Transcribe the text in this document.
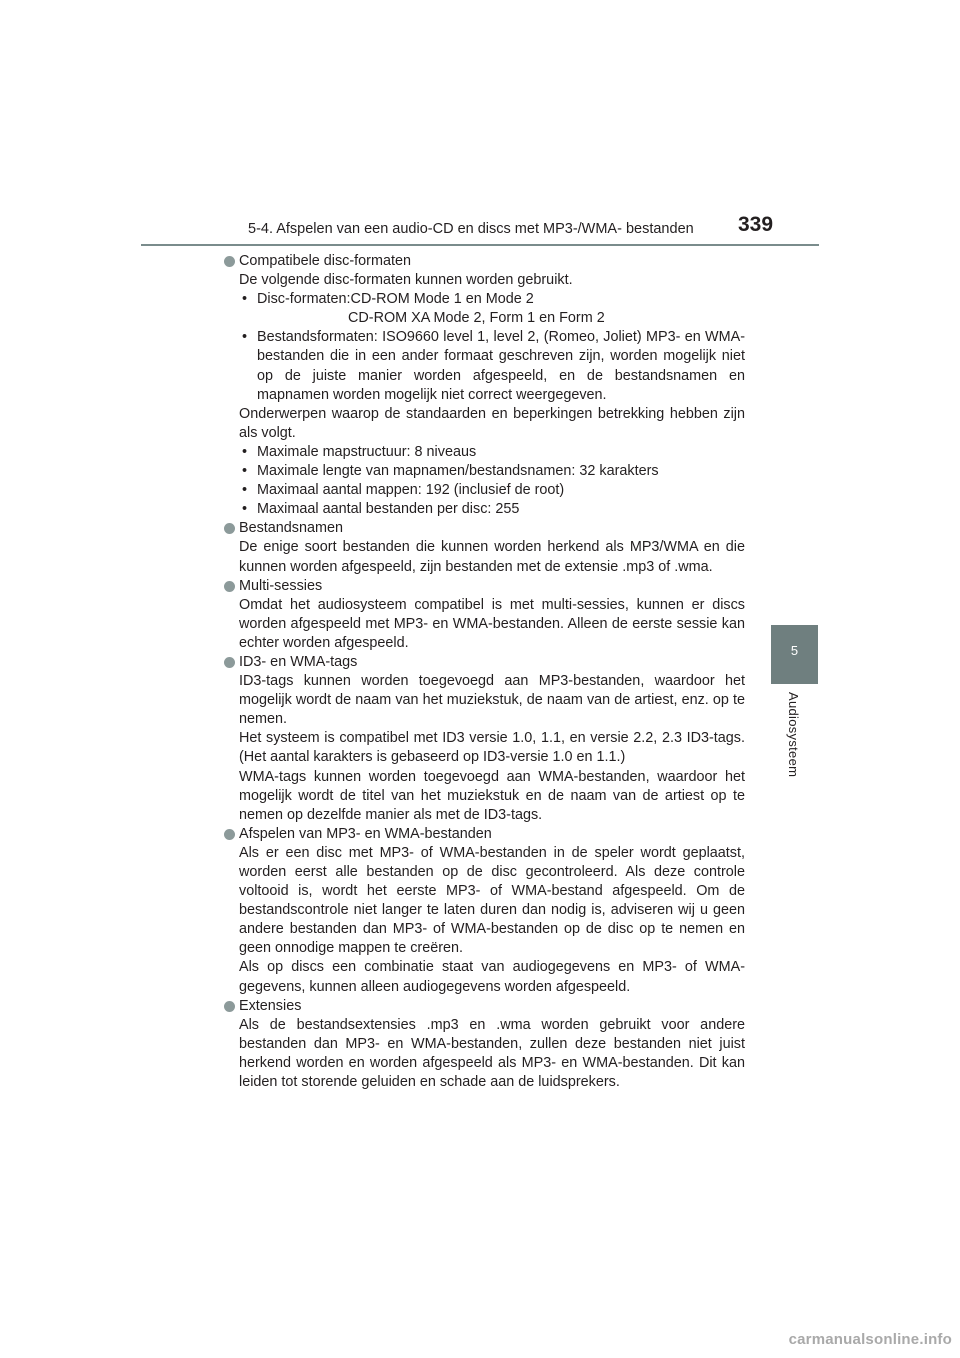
5-4. Afspelen van een audio-CD en discs met MP3-/WMA- bestanden 339
5
Audiosysteem
Compatibele disc-formaten
De volgende disc-formaten kunnen worden gebruikt.
• Disc-formaten:CD-ROM Mode 1 en Mode 2
CD-ROM XA Mode 2, Form 1 en Form 2
• Bestandsformaten: ISO9660 level 1, level 2, (Romeo, Joliet) MP3- en WMA-bestanden die in een ander formaat geschreven zijn, worden mogelijk niet op de juiste manier worden afgespeeld, en de bestandsnamen en mapnamen worden mogelijk niet correct weergegeven.
Onderwerpen waarop de standaarden en beperkingen betrekking hebben zijn als volgt.
• Maximale mapstructuur: 8 niveaus
• Maximale lengte van mapnamen/bestandsnamen: 32 karakters
• Maximaal aantal mappen: 192 (inclusief de root)
• Maximaal aantal bestanden per disc: 255
Bestandsnamen
De enige soort bestanden die kunnen worden herkend als MP3/WMA en die kunnen worden afgespeeld, zijn bestanden met de extensie .mp3 of .wma.
Multi-sessies
Omdat het audiosysteem compatibel is met multi-sessies, kunnen er discs worden afgespeeld met MP3- en WMA-bestanden. Alleen de eerste sessie kan echter worden afgespeeld.
ID3- en WMA-tags
ID3-tags kunnen worden toegevoegd aan MP3-bestanden, waardoor het mogelijk wordt de naam van het muziekstuk, de naam van de artiest, enz. op te nemen.
Het systeem is compatibel met ID3 versie 1.0, 1.1, en versie 2.2, 2.3 ID3-tags. (Het aantal karakters is gebaseerd op ID3-versie 1.0 en 1.1.)
WMA-tags kunnen worden toegevoegd aan WMA-bestanden, waardoor het mogelijk wordt de titel van het muziekstuk en de naam van de artiest op te nemen op dezelfde manier als met de ID3-tags.
Afspelen van MP3- en WMA-bestanden
Als er een disc met MP3- of WMA-bestanden in de speler wordt geplaatst, worden eerst alle bestanden op de disc gecontroleerd. Als deze controle voltooid is, wordt het eerste MP3- of WMA-bestand afgespeeld. Om de bestandscontrole niet langer te laten duren dan nodig is, adviseren wij u geen andere bestanden dan MP3- of WMA-bestanden op de disc op te nemen en geen onnodige mappen te creëren.
Als op discs een combinatie staat van audiogegevens en MP3- of WMA-gegevens, kunnen alleen audiogegevens worden afgespeeld.
Extensies
Als de bestandsextensies .mp3 en .wma worden gebruikt voor andere bestanden dan MP3- en WMA-bestanden, zullen deze bestanden niet juist herkend worden en worden afgespeeld als MP3- en WMA-bestanden. Dit kan leiden tot storende geluiden en schade aan de luidsprekers.
carmanualsonline.info
